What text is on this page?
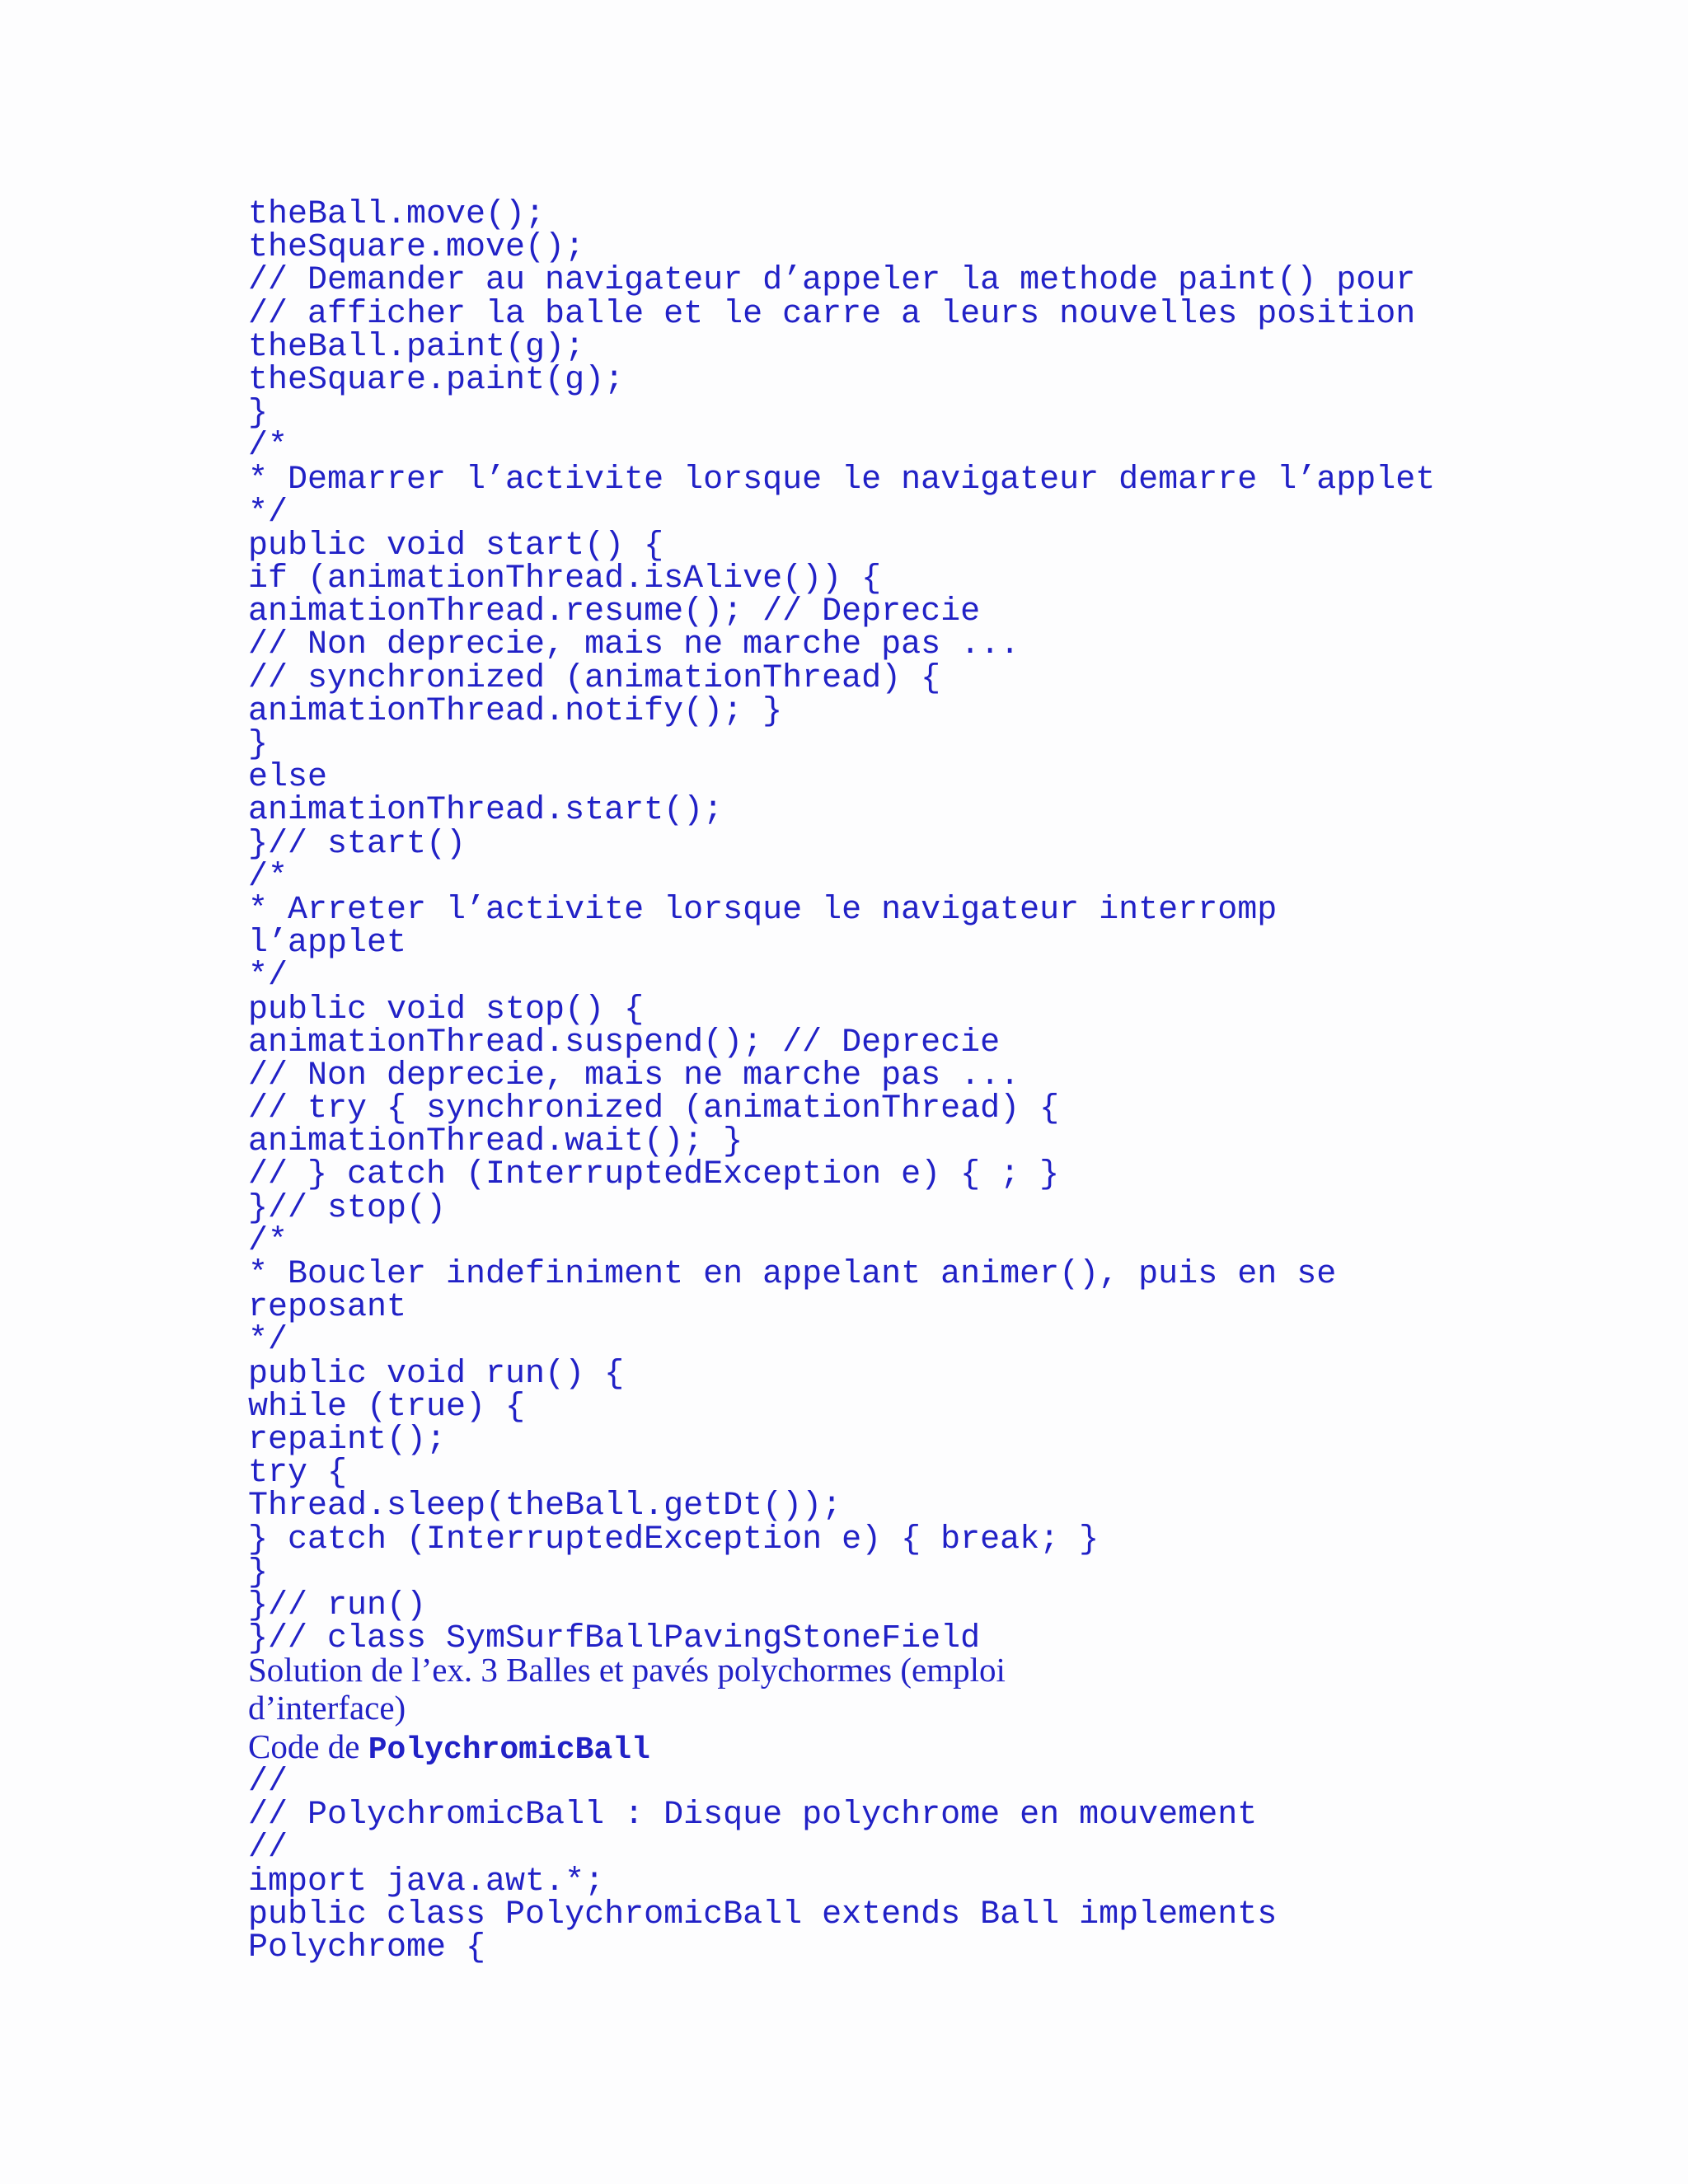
theBall.move();
theSquare.move();
// Demander au navigateur d’appeler la methode paint() pour
// afficher la balle et le carre a leurs nouvelles position
theBall.paint(g);
theSquare.paint(g);
}
/*
* Demarrer l’activite lorsque le navigateur demarre l’applet
*/
public void start() {
if (animationThread.isAlive()) {
animationThread.resume(); // Deprecie
// Non deprecie, mais ne marche pas ...
// synchronized (animationThread) {
animationThread.notify(); }
}
else
animationThread.start();
}// start()
/*
* Arreter l’activite lorsque le navigateur interromp
l’applet
*/
public void stop() {
animationThread.suspend(); // Deprecie
// Non deprecie, mais ne marche pas ...
// try { synchronized (animationThread) {
animationThread.wait(); }
// } catch (InterruptedException e) { ; }
}// stop()
/*
* Boucler indefiniment en appelant animer(), puis en se
reposant
*/
public void run() {
while (true) {
repaint();
try {
Thread.sleep(theBall.getDt());
} catch (InterruptedException e) { break; }
}
}// run()
}// class SymSurfBallPavingStoneField
Solution de l’ex. 3 Balles et pavés polychormes (emploi
d’interface)
Code de PolychromicBall
//
// PolychromicBall : Disque polychrome en mouvement
//
import java.awt.*;
public class PolychromicBall extends Ball implements
Polychrome {
